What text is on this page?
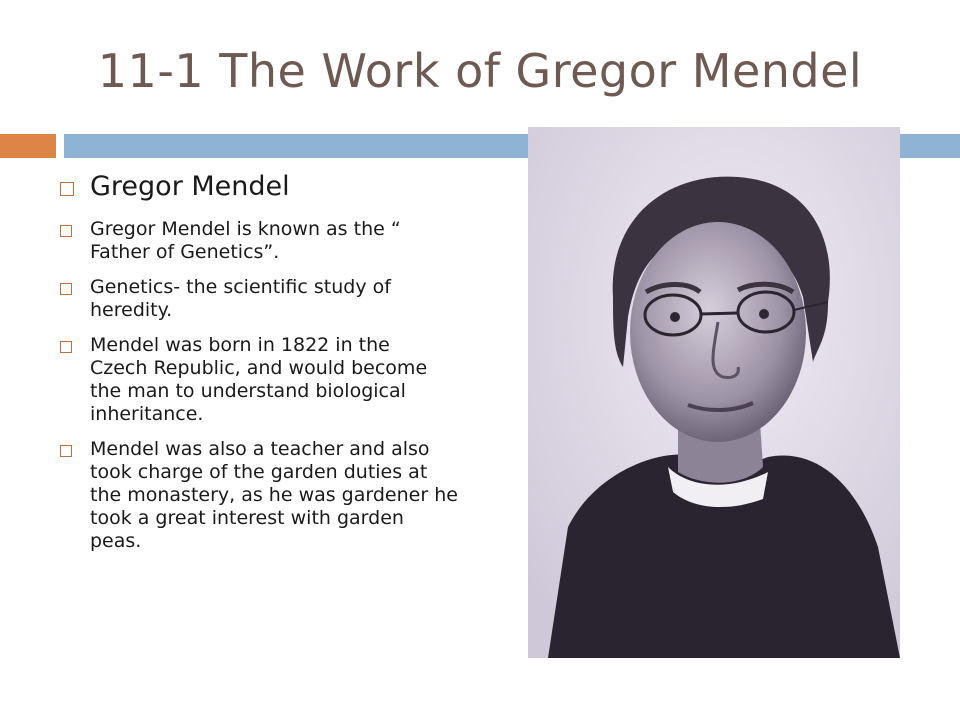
11-1 The Work of Gregor Mendel
Gregor Mendel
Gregor Mendel is known as the “
Father of Genetics”.
Genetics- the scientific study of
heredity.
Mendel was born in 1822 in the
Czech Republic, and would become
the man to understand biological
inheritance.
Mendel was also a teacher and also
took charge of the garden duties at
the monastery, as he was gardener he
took a great interest with garden
peas.
